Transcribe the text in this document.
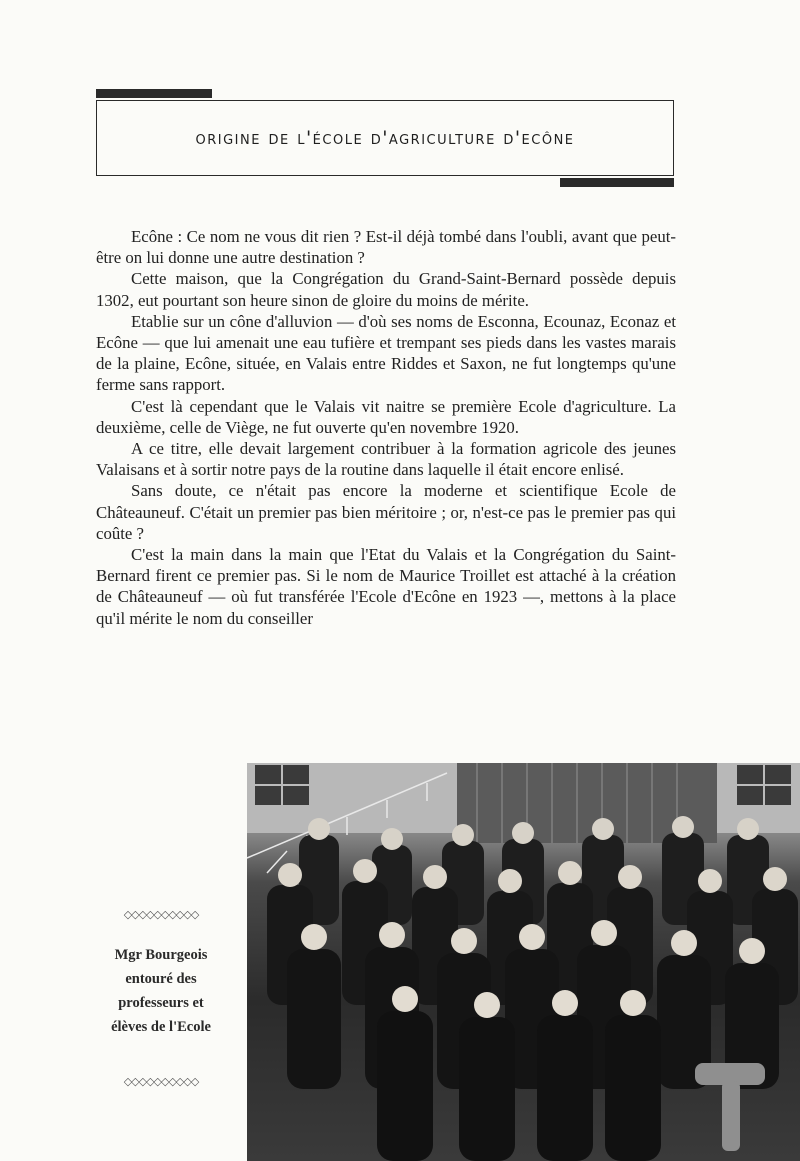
origine de l'école d'agriculture d'ecône

Ecône : Ce nom ne vous dit rien ? Est-il déjà tombé dans l'oubli, avant que peut-être on lui donne une autre destination ?

Cette maison, que la Congrégation du Grand-Saint-Bernard possède depuis 1302, eut pourtant son heure sinon de gloire du moins de mérite.

Etablie sur un cône d'alluvion — d'où ses noms de Esconna, Ecounaz, Econaz et Ecône — que lui amenait une eau tufière et trempant ses pieds dans les vastes marais de la plaine, Ecône, située, en Valais entre Riddes et Saxon, ne fut longtemps qu'une ferme sans rapport.

C'est là cependant que le Valais vit naitre se première Ecole d'agriculture. La deuxième, celle de Viège, ne fut ouverte qu'en novembre 1920.

A ce titre, elle devait largement contribuer à la formation agricole des jeunes Valaisans et à sortir notre pays de la routine dans laquelle il était encore enlisé.

Sans doute, ce n'était pas encore la moderne et scientifique Ecole de Châteauneuf. C'était un premier pas bien méritoire ; or, n'est-ce pas le premier pas qui coûte ?

C'est la main dans la main que l'Etat du Valais et la Congrégation du Saint-Bernard firent ce premier pas. Si le nom de Maurice Troillet est attaché à la création de Châteauneuf — où fut transférée l'Ecole d'Ecône en 1923 —, mettons à la place qu'il mérite le nom du conseiller

◇◇◇◇◇◇◇◇◇◇
Mgr Bourgeois entouré des professeurs et élèves de l'Ecole
◇◇◇◇◇◇◇◇◇◇
